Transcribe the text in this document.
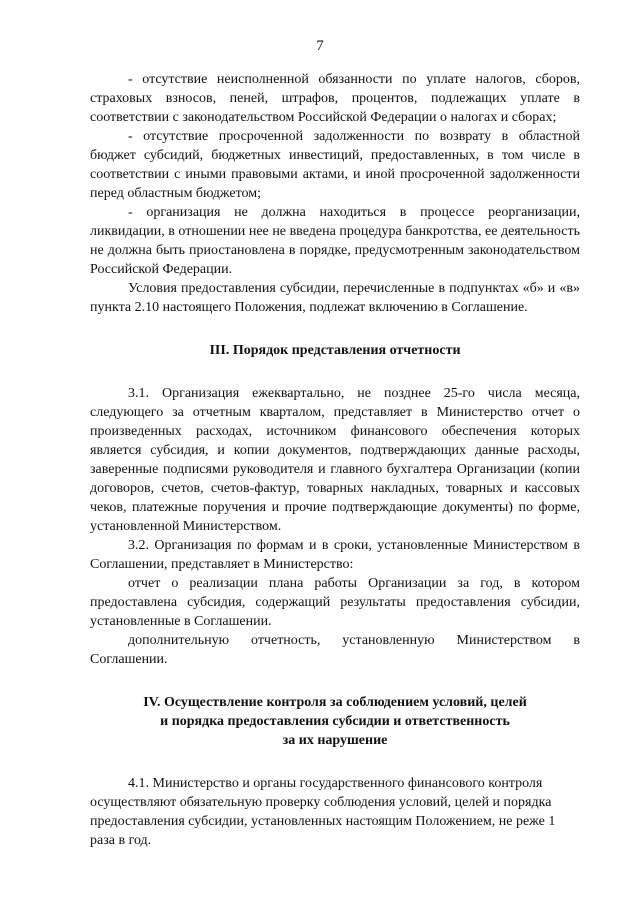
7

- отсутствие неисполненной обязанности по уплате налогов, сборов, страховых взносов, пеней, штрафов, процентов, подлежащих уплате в соответствии с законодательством Российской Федерации о налогах и сборах;

- отсутствие просроченной задолженности по возврату в областной бюджет субсидий, бюджетных инвестиций, предоставленных, в том числе в соответствии с иными правовыми актами, и иной просроченной задолженности перед областным бюджетом;

- организация не должна находиться в процессе реорганизации, ликвидации, в отношении нее не введена процедура банкротства, ее деятельность не должна быть приостановлена в порядке, предусмотренным законодательством Российской Федерации.

Условия предоставления субсидии, перечисленные в подпунктах «б» и «в» пункта 2.10 настоящего Положения, подлежат включению в Соглашение.

III. Порядок представления отчетности

3.1. Организация ежеквартально, не позднее 25-го числа месяца, следующего за отчетным кварталом, представляет в Министерство отчет о произведенных расходах, источником финансового обеспечения которых является субсидия, и копии документов, подтверждающих данные расходы, заверенные подписями руководителя и главного бухгалтера Организации (копии договоров, счетов, счетов-фактур, товарных накладных, товарных и кассовых чеков, платежные поручения и прочие подтверждающие документы) по форме, установленной Министерством.

3.2. Организация по формам и в сроки, установленные Министерством в Соглашении, представляет в Министерство:

отчет о реализации плана работы Организации за год, в котором предоставлена субсидия, содержащий результаты предоставления субсидии, установленные в Соглашении.

дополнительную отчетность, установленную Министерством в Соглашении.

IV. Осуществление контроля за соблюдением условий, целей
и порядка предоставления субсидии и ответственность
за их нарушение

4.1. Министерство и органы государственного финансового контроля осуществляют обязательную проверку соблюдения условий, целей и порядка предоставления субсидии, установленных настоящим Положением, не реже 1 раза в год.
